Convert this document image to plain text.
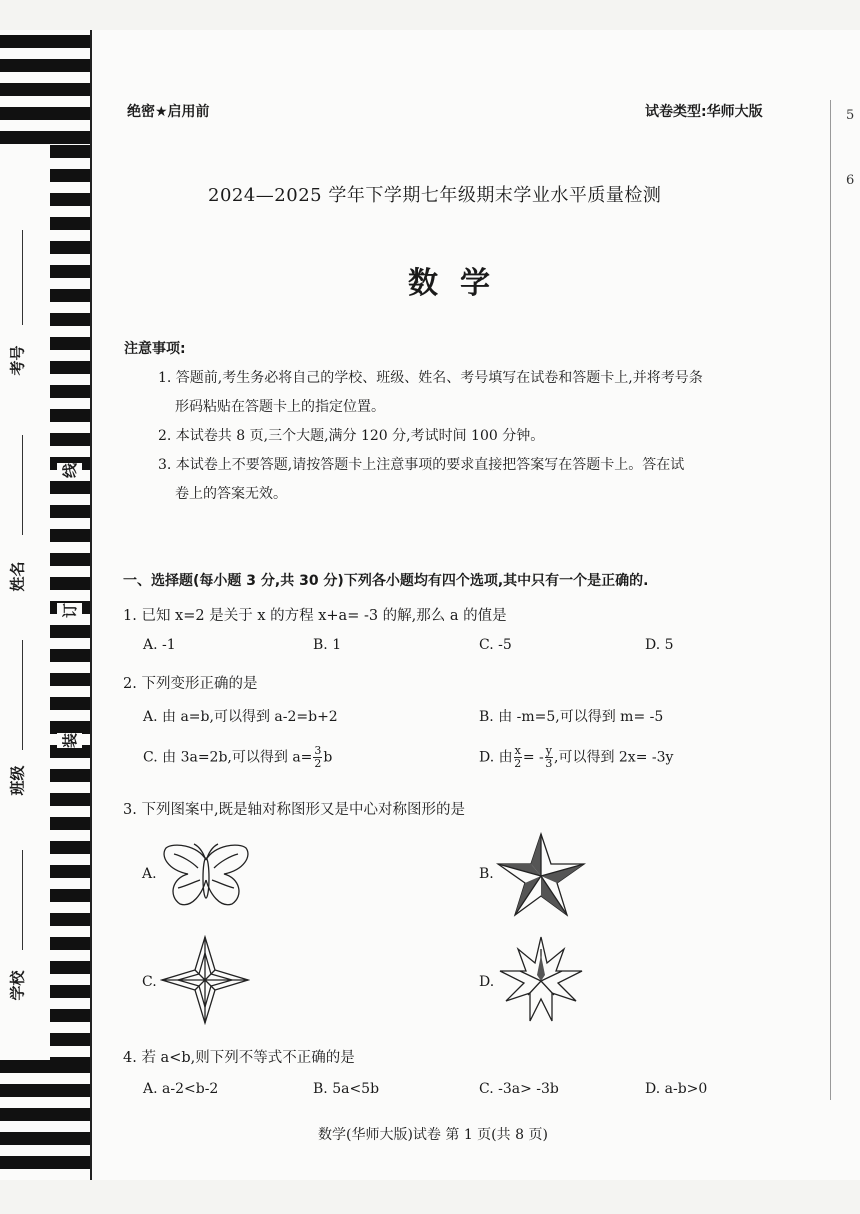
考号
姓名
班级
学校
线
订
装
绝密★启用前	试卷类型:华师大版
2024—2025 学年下学期七年级期末学业水平质量检测
数学
注意事项:
1. 答题前,考生务必将自己的学校、班级、姓名、考号填写在试卷和答题卡上,并将考号条
形码粘贴在答题卡上的指定位置。
2. 本试卷共 8 页,三个大题,满分 120 分,考试时间 100 分钟。
3. 本试卷上不要答题,请按答题卡上注意事项的要求直接把答案写在答题卡上。答在试
卷上的答案无效。
一、选择题(每小题 3 分,共 30 分)下列各小题均有四个选项,其中只有一个是正确的.
1. 已知 x=2 是关于 x 的方程 x+a= -3 的解,那么 a 的值是
A. -1	B. 1	C. -5	D. 5
2. 下列变形正确的是
A. 由 a=b,可以得到 a-2=b+2	B. 由 -m=5,可以得到 m= -5
C. 由 3a=2b,可以得到 $a= \frac{3}{2}$ b	D. 由 $\frac{x}{2}$ = - $\frac{y}{3}$ ,可以得到 2x= -3y
3. 下列图案中,既是轴对称图形又是中心对称图形的是
A.	B.
C.	D.
4. 若 a<b,则下列不等式不正确的是
A. a-2<b-2	B. 5a<5b	C. -3a> -3b	D. a-b>0
数学(华师大版)试卷 第 1 页(共 8 页)
5
6
